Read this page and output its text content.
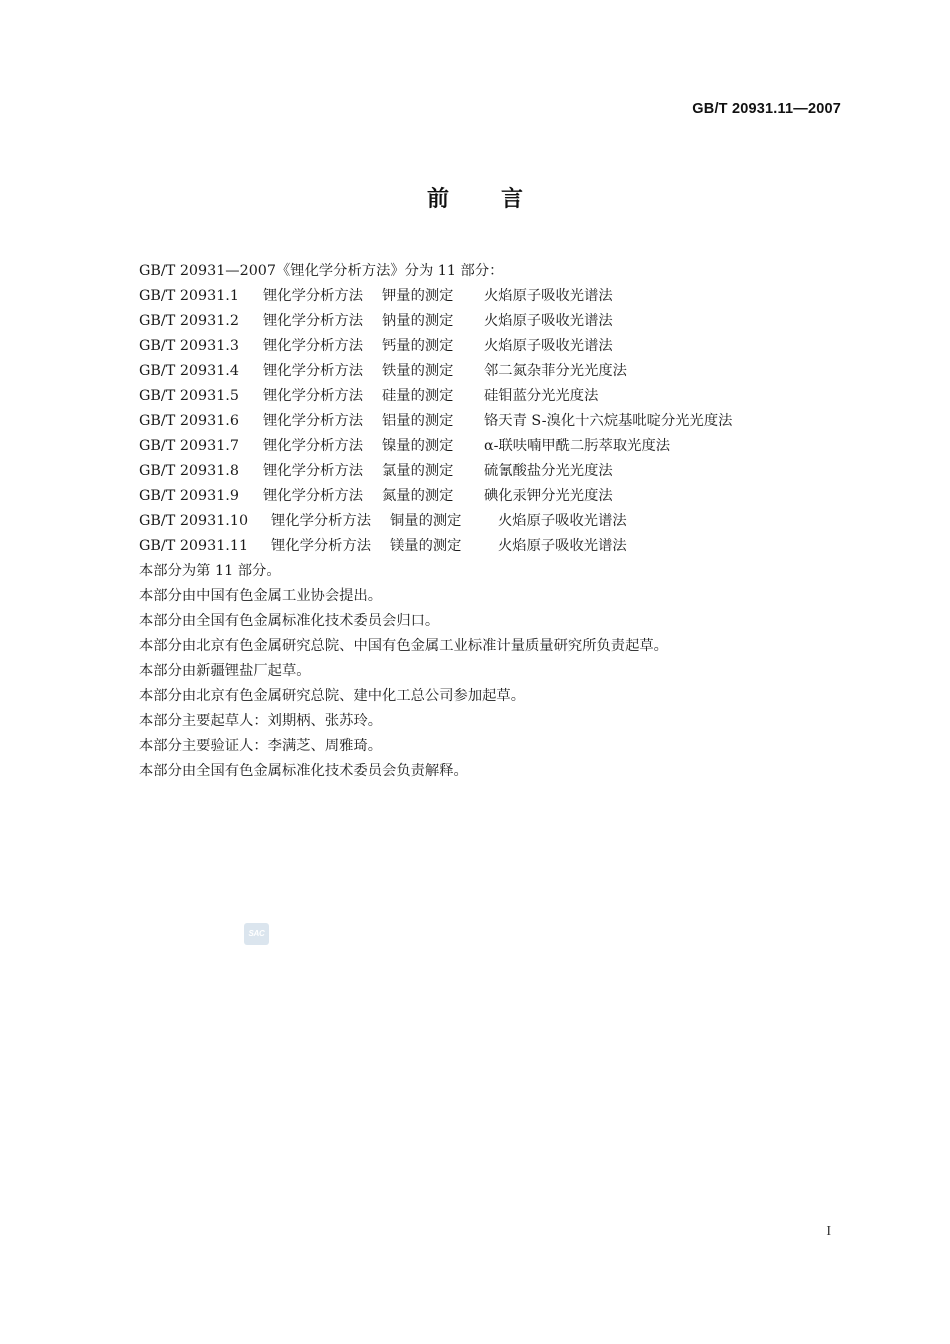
GB/T 20931.11—2007
前言
GB/T 20931—2007《锂化学分析方法》分为 11 部分：
GB/T 20931.1 锂化学分析方法 钾量的测定 火焰原子吸收光谱法
GB/T 20931.2 锂化学分析方法 钠量的测定 火焰原子吸收光谱法
GB/T 20931.3 锂化学分析方法 钙量的测定 火焰原子吸收光谱法
GB/T 20931.4 锂化学分析方法 铁量的测定 邻二氮杂菲分光光度法
GB/T 20931.5 锂化学分析方法 硅量的测定 硅钼蓝分光光度法
GB/T 20931.6 锂化学分析方法 铝量的测定 铬天青 S-溴化十六烷基吡啶分光光度法
GB/T 20931.7 锂化学分析方法 镍量的测定 α-联呋喃甲酰二肟萃取光度法
GB/T 20931.8 锂化学分析方法 氯量的测定 硫氰酸盐分光光度法
GB/T 20931.9 锂化学分析方法 氮量的测定 碘化汞钾分光光度法
GB/T 20931.10 锂化学分析方法 铜量的测定	火焰原子吸收光谱法
GB/T 20931.11 锂化学分析方法 镁量的测定	火焰原子吸收光谱法
本部分为第 11 部分。
本部分由中国有色金属工业协会提出。
本部分由全国有色金属标准化技术委员会归口。
本部分由北京有色金属研究总院、中国有色金属工业标准计量质量研究所负责起草。
本部分由新疆锂盐厂起草。
本部分由北京有色金属研究总院、建中化工总公司参加起草。
本部分主要起草人：刘期柄、张苏玲。
本部分主要验证人：李满芝、周雅琦。
本部分由全国有色金属标准化技术委员会负责解释。
SAC
I
